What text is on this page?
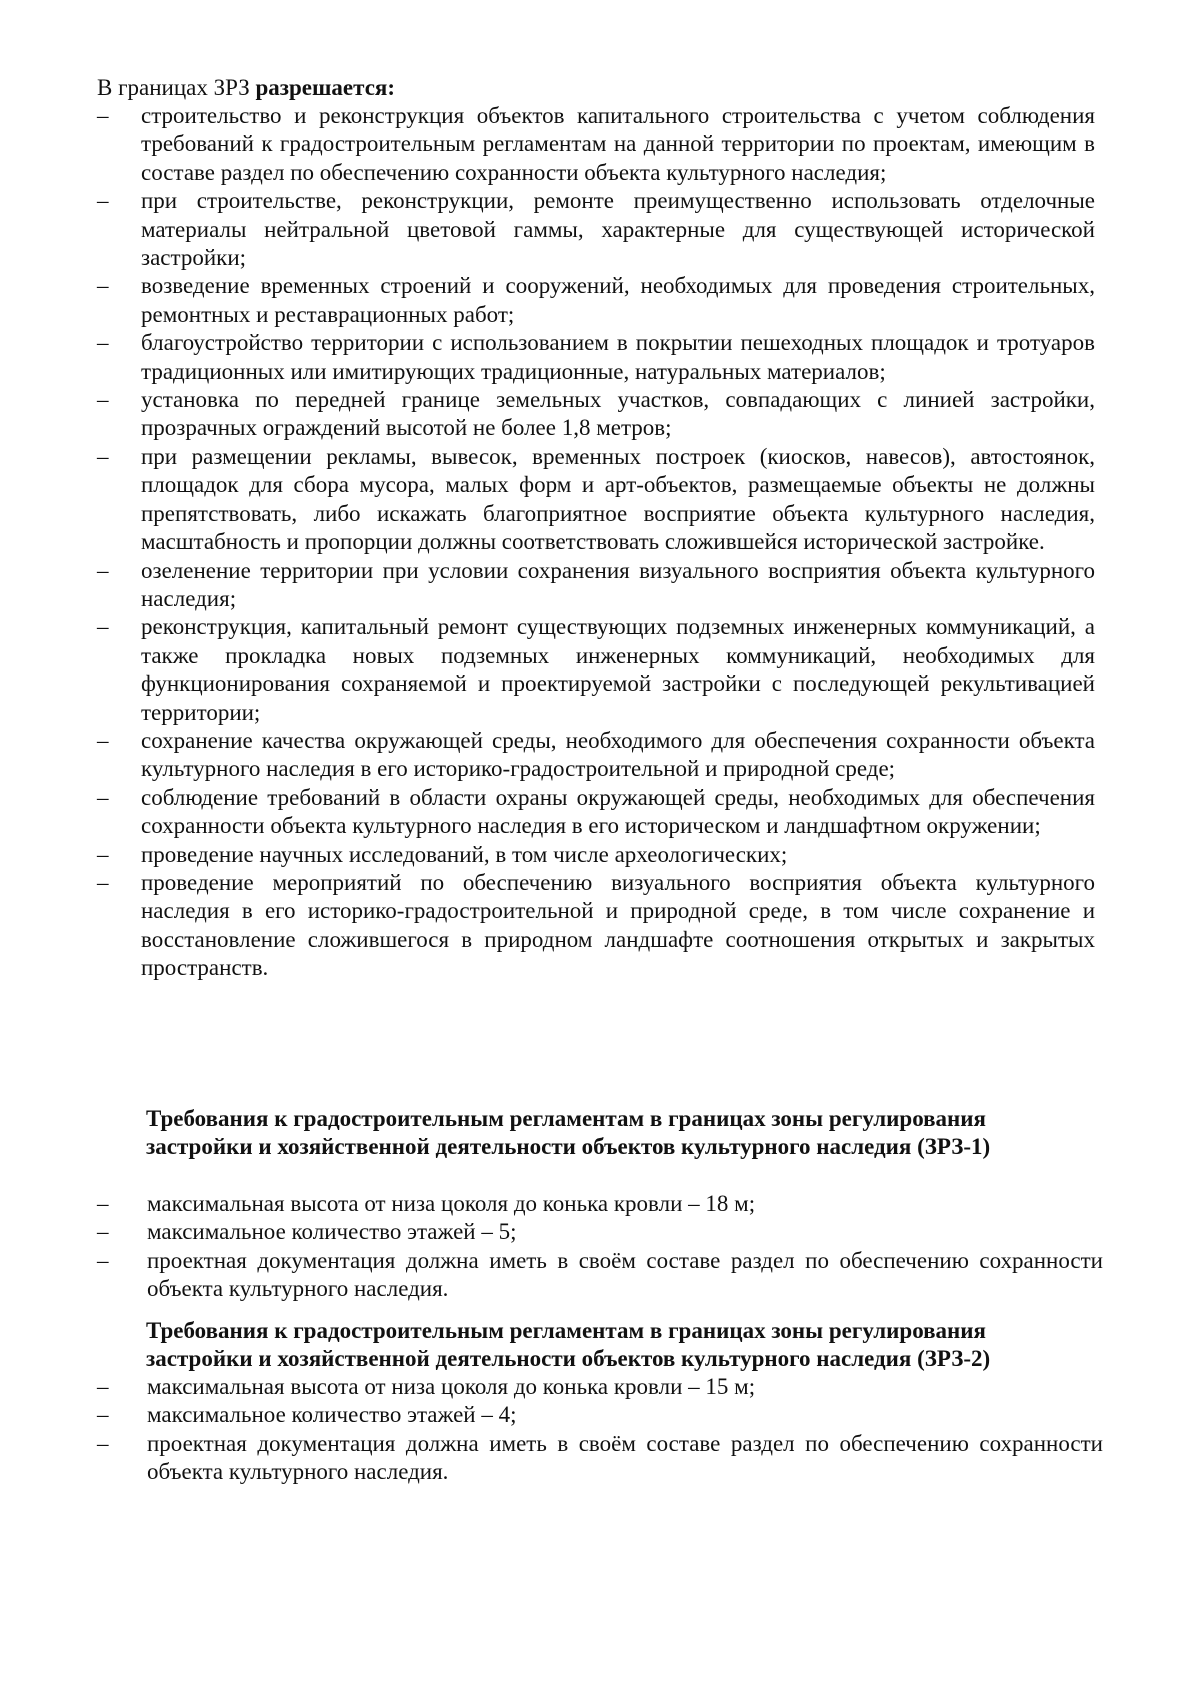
В границах ЗРЗ разрешается:
– строительство и реконструкция объектов капитального строительства с учетом соблюдения требований к градостроительным регламентам на данной территории по проектам, имеющим в составе раздел по обеспечению сохранности объекта культурного наследия;
– при строительстве, реконструкции, ремонте преимущественно использовать отделочные материалы нейтральной цветовой гаммы, характерные для существующей исторической застройки;
– возведение временных строений и сооружений, необходимых для проведения строительных, ремонтных и реставрационных работ;
– благоустройство территории с использованием в покрытии пешеходных площадок и тротуаров традиционных или имитирующих традиционные, натуральных материалов;
– установка по передней границе земельных участков, совпадающих с линией застройки, прозрачных ограждений высотой не более 1,8 метров;
– при размещении рекламы, вывесок, временных построек (киосков, навесов), автостоянок, площадок для сбора мусора, малых форм и арт-объектов, размещаемые объекты не должны препятствовать, либо искажать благоприятное восприятие объекта культурного наследия, масштабность и пропорции должны соответствовать сложившейся исторической застройке.
– озеленение территории при условии сохранения визуального восприятия объекта культурного наследия;
– реконструкция, капитальный ремонт существующих подземных инженерных коммуникаций, а также прокладка новых подземных инженерных коммуникаций, необходимых для функционирования сохраняемой и проектируемой застройки с последующей рекультивацией территории;
– сохранение качества окружающей среды, необходимого для обеспечения сохранности объекта культурного наследия в его историко-градостроительной и природной среде;
– соблюдение требований в области охраны окружающей среды, необходимых для обеспечения сохранности объекта культурного наследия в его историческом и ландшафтном окружении;
– проведение научных исследований, в том числе археологических;
– проведение мероприятий по обеспечению визуального восприятия объекта культурного наследия в его историко-градостроительной и природной среде, в том числе сохранение и восстановление сложившегося в природном ландшафте соотношения открытых и закрытых пространств.
Требования к градостроительным регламентам в границах зоны регулирования
застройки и хозяйственной деятельности объектов культурного наследия (ЗРЗ-1)
– максимальная высота от низа цоколя до конька кровли – 18 м;
– максимальное количество этажей – 5;
– проектная документация должна иметь в своём составе раздел по обеспечению сохранности объекта культурного наследия.
Требования к градостроительным регламентам в границах зоны регулирования
застройки и хозяйственной деятельности объектов культурного наследия (ЗРЗ-2)
– максимальная высота от низа цоколя до конька кровли – 15 м;
– максимальное количество этажей – 4;
– проектная документация должна иметь в своём составе раздел по обеспечению сохранности объекта культурного наследия.
